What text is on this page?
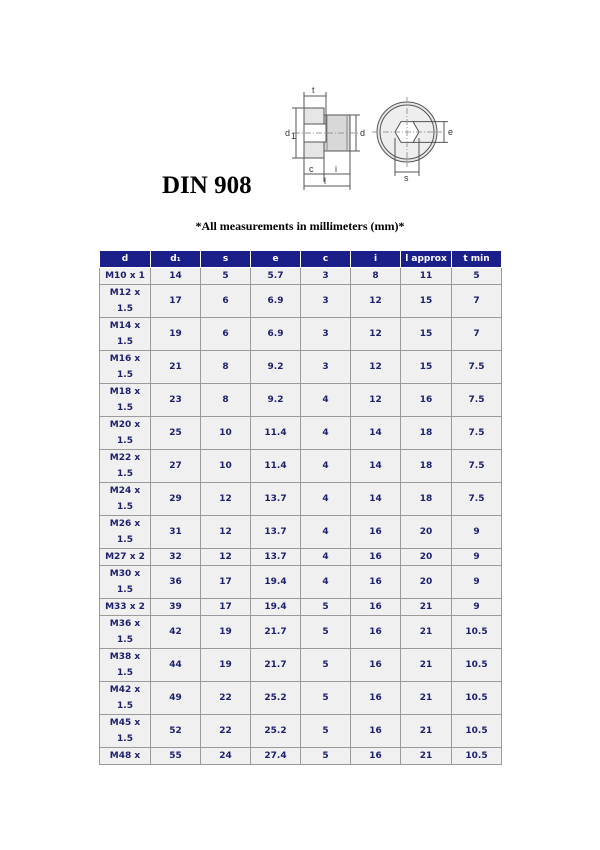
t
d 1	d
c i
l
e
s
DIN 908
*All measurements in millimeters (mm)*
d	d₁	s	e	c	i	l approx	t min
M10 x 1	14	5	5.7	3	8	11	5
M12 x 1.5	17	6	6.9	3	12	15	7
M14 x 1.5	19	6	6.9	3	12	15	7
M16 x 1.5	21	8	9.2	3	12	15	7.5
M18 x 1.5	23	8	9.2	4	12	16	7.5
M20 x 1.5	25	10	11.4	4	14	18	7.5
M22 x 1.5	27	10	11.4	4	14	18	7.5
M24 x 1.5	29	12	13.7	4	14	18	7.5
M26 x 1.5	31	12	13.7	4	16	20	9
M27 x 2	32	12	13.7	4	16	20	9
M30 x 1.5	36	17	19.4	4	16	20	9
M33 x 2	39	17	19.4	5	16	21	9
M36 x 1.5	42	19	21.7	5	16	21	10.5
M38 x 1.5	44	19	21.7	5	16	21	10.5
M42 x 1.5	49	22	25.2	5	16	21	10.5
M45 x 1.5	52	22	25.2	5	16	21	10.5
M48 x	55	24	27.4	5	16	21	10.5
